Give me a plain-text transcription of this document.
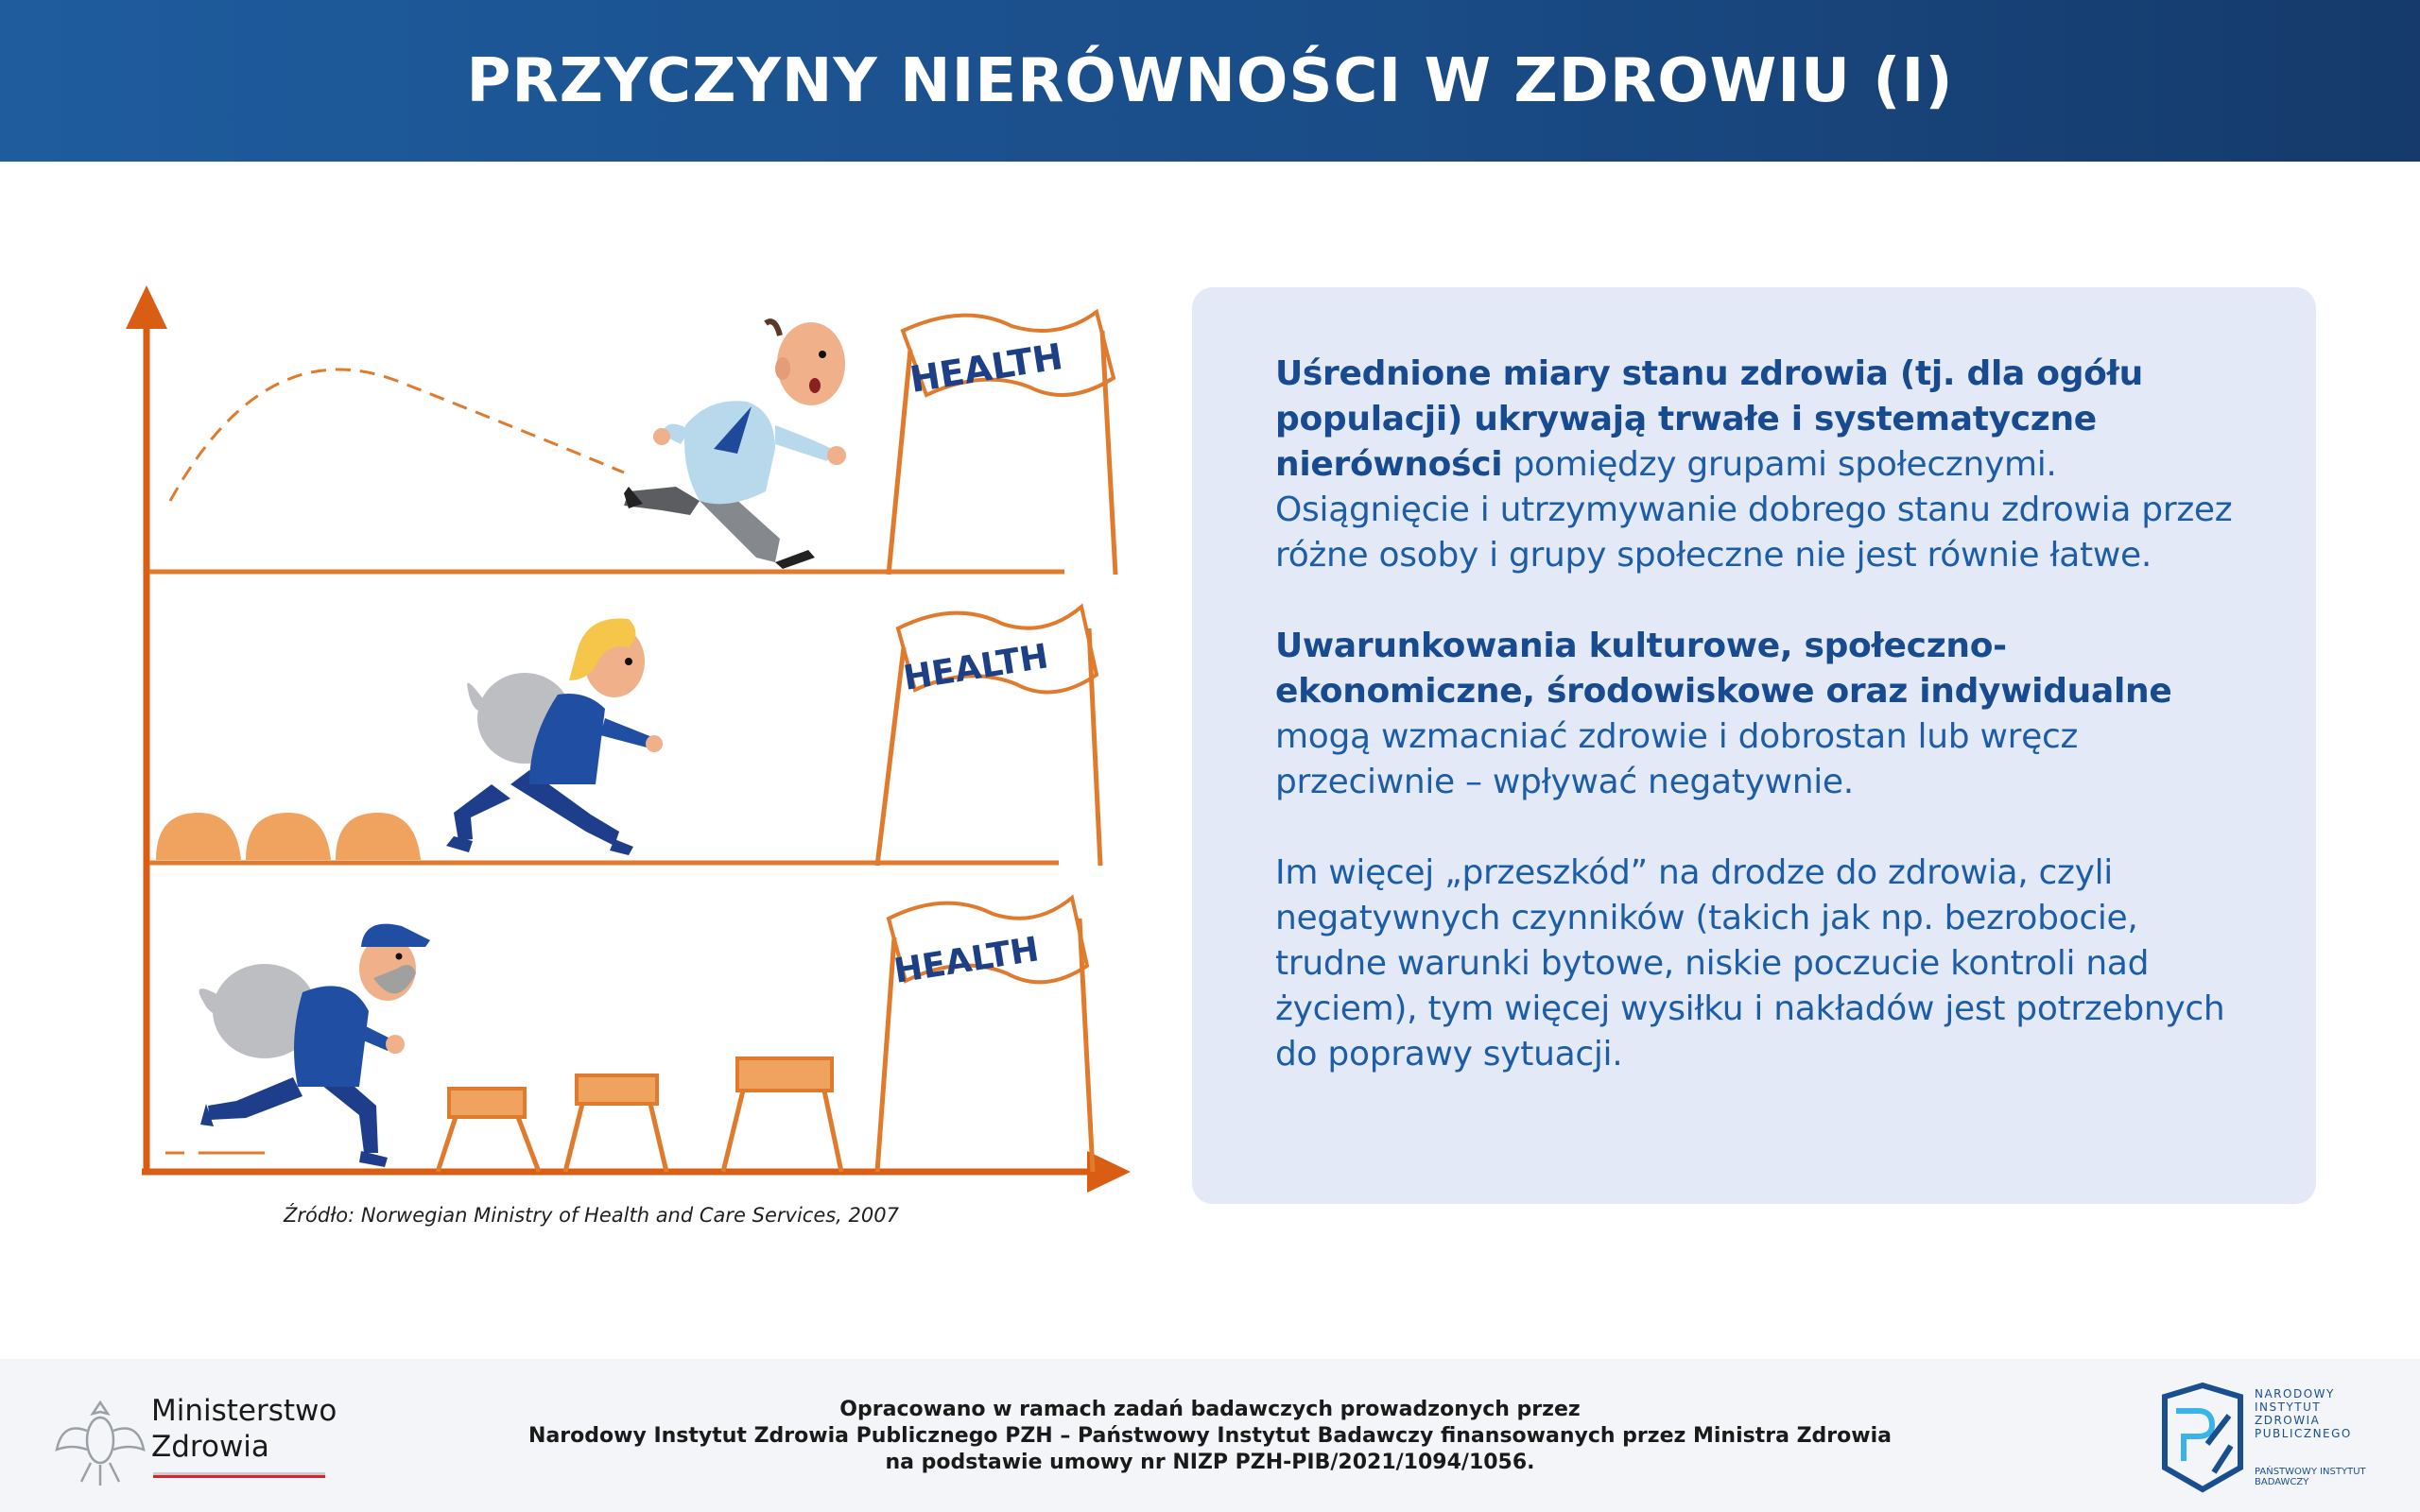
PRZYCZYNY NIERÓWNOŚCI W ZDROWIU (I)
HEALTH
HEALTH
HEALTH
Źródło: Norwegian Ministry of Health and Care Services, 2007

Uśrednione miary stanu zdrowia (tj. dla ogółu populacji) ukrywają trwałe i systematyczne nierówności pomiędzy grupami społecznymi. Osiągnięcie i utrzymywanie dobrego stanu zdrowia przez różne osoby i grupy społeczne nie jest równie łatwe.

Uwarunkowania kulturowe, społeczno-ekonomiczne, środowiskowe oraz indywidualne mogą wzmacniać zdrowie i dobrostan lub wręcz przeciwnie – wpływać negatywnie.

Im więcej „przeszkód” na drodze do zdrowia, czyli negatywnych czynników (takich jak np. bezrobocie, trudne warunki bytowe, niskie poczucie kontroli nad życiem), tym więcej wysiłku i nakładów jest potrzebnych do poprawy sytuacji.

Ministerstwo
Zdrowia
Opracowano w ramach zadań badawczych prowadzonych przez
Narodowy Instytut Zdrowia Publicznego PZH – Państwowy Instytut Badawczy finansowanych przez Ministra Zdrowia
na podstawie umowy nr NIZP PZH-PIB/2021/1094/1056.
NARODOWY
INSTYTUT
ZDROWIA
PUBLICZNEGO
PAŃSTWOWY INSTYTUT
BADAWCZY
